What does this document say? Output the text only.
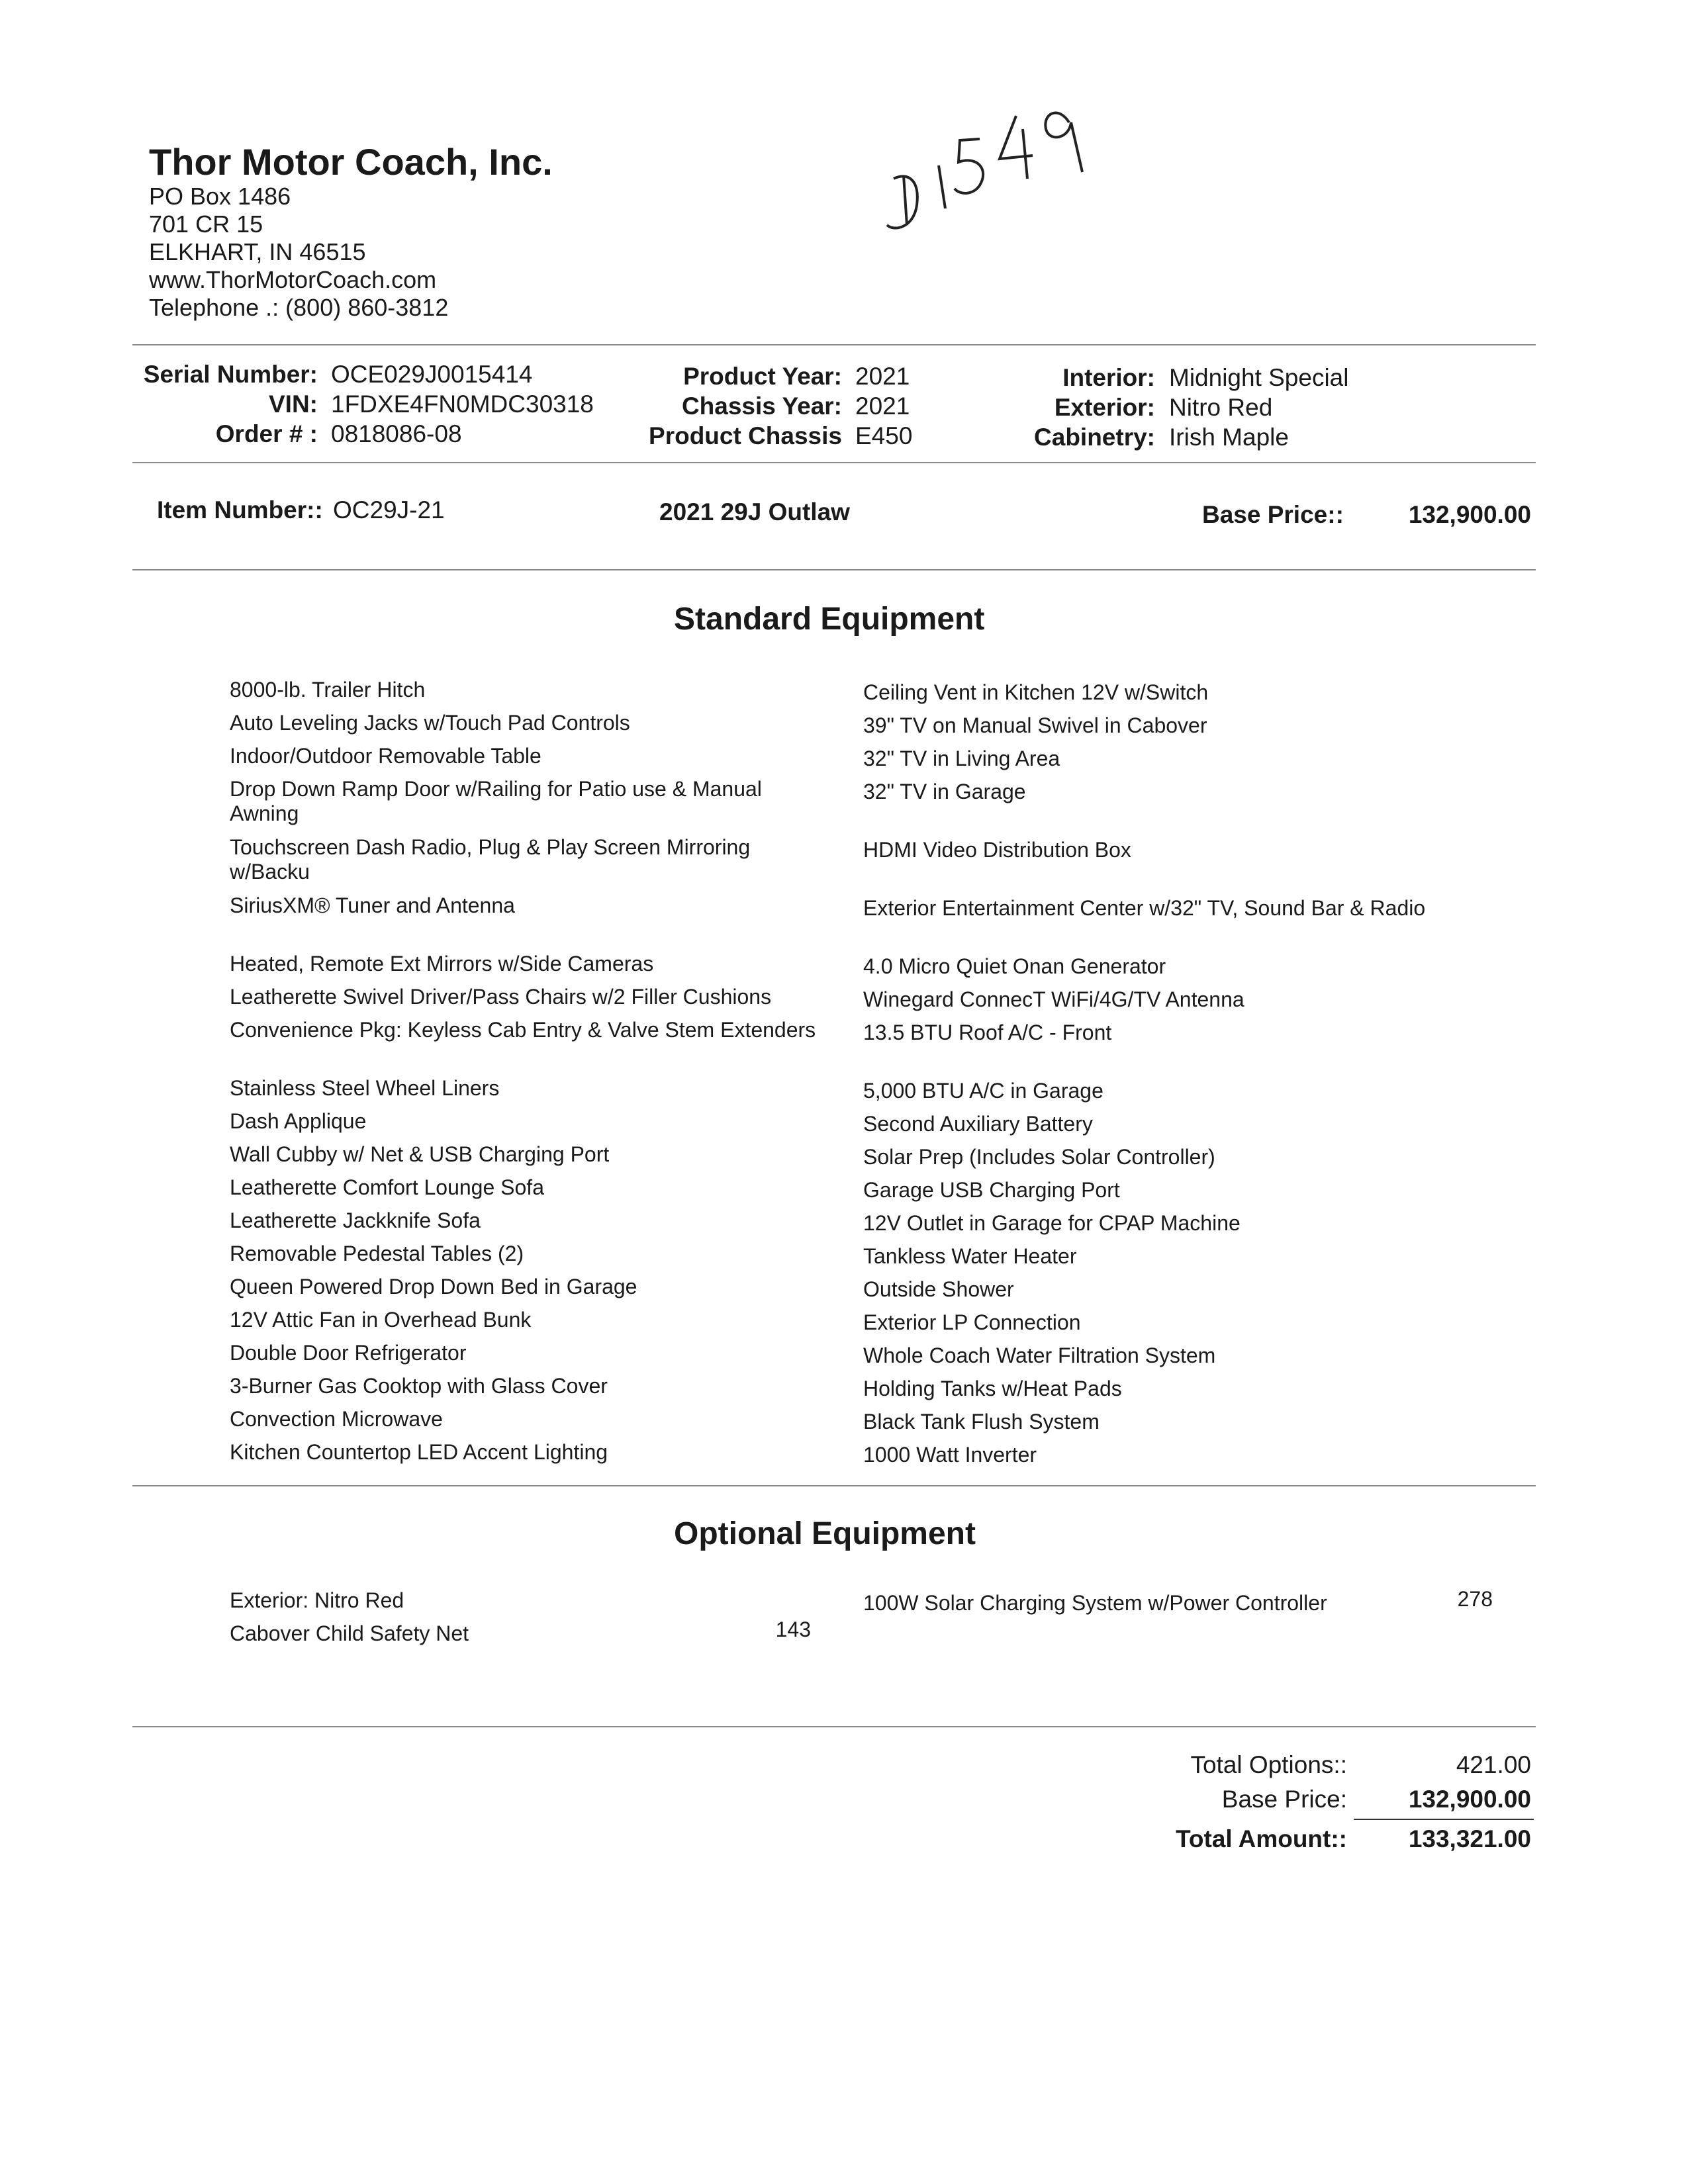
Thor Motor Coach, Inc.
PO Box 1486
701 CR 15
ELKHART, IN 46515
www.ThorMotorCoach.com
Telephone .: (800) 860-3812
Serial Number: OCE029J0015414
VIN: 1FDXE4FN0MDC30318
Order # : 0818086-08
Product Year: 2021
Chassis Year: 2021
Product Chassis E450
Interior: Midnight Special
Exterior: Nitro Red
Cabinetry: Irish Maple
Item Number:: OC29J-21	2021 29J Outlaw	Base Price::	132,900.00
Standard Equipment
8000-lb. Trailer Hitch
Auto Leveling Jacks w/Touch Pad Controls
Indoor/Outdoor Removable Table
Drop Down Ramp Door w/Railing for Patio use & Manual Awning
Touchscreen Dash Radio, Plug & Play Screen Mirroring w/Backu
SiriusXM® Tuner and Antenna
Heated, Remote Ext Mirrors w/Side Cameras
Leatherette Swivel Driver/Pass Chairs w/2 Filler Cushions
Convenience Pkg: Keyless Cab Entry & Valve Stem Extenders
Stainless Steel Wheel Liners
Dash Applique
Wall Cubby w/ Net & USB Charging Port
Leatherette Comfort Lounge Sofa
Leatherette Jackknife Sofa
Removable Pedestal Tables (2)
Queen Powered Drop Down Bed in Garage
12V Attic Fan in Overhead Bunk
Double Door Refrigerator
3-Burner Gas Cooktop with Glass Cover
Convection Microwave
Kitchen Countertop LED Accent Lighting
Ceiling Vent in Kitchen 12V w/Switch
39" TV on Manual Swivel in Cabover
32" TV in Living Area
32" TV in Garage
HDMI Video Distribution Box
Exterior Entertainment Center w/32" TV, Sound Bar & Radio
4.0 Micro Quiet Onan Generator
Winegard ConnecT WiFi/4G/TV Antenna
13.5 BTU Roof A/C - Front
5,000 BTU A/C in Garage
Second Auxiliary Battery
Solar Prep (Includes Solar Controller)
Garage USB Charging Port
12V Outlet in Garage for CPAP Machine
Tankless Water Heater
Outside Shower
Exterior LP Connection
Whole Coach Water Filtration System
Holding Tanks w/Heat Pads
Black Tank Flush System
1000 Watt Inverter
Optional Equipment
Exterior: Nitro Red
Cabover Child Safety Net	143
100W Solar Charging System w/Power Controller	278
Total Options::	421.00
Base Price:	132,900.00
Total Amount::	133,321.00
